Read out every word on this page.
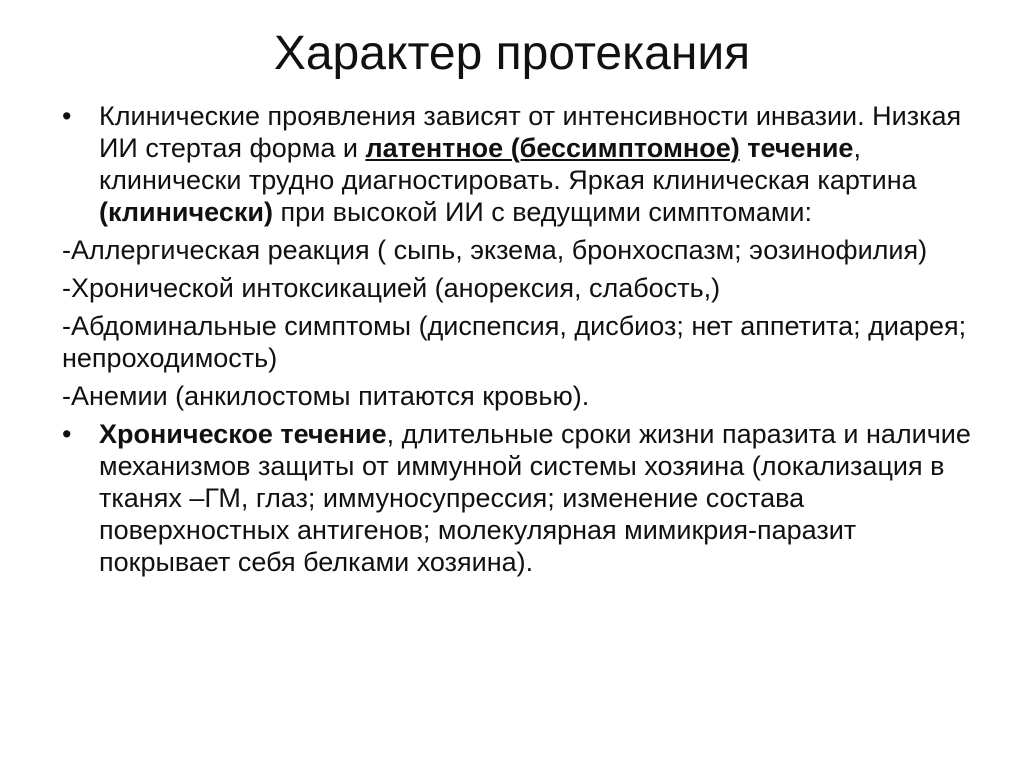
Характер протекания
•	Клинические проявления зависят от интенсивности инвазии. Низкая ИИ стертая форма и латентное (бессимптомное) течение, клинически трудно диагностировать. Яркая клиническая картина (клинически) при высокой ИИ с ведущими симптомами:
-Аллергическая реакция ( сыпь, экзема, бронхоспазм; эозинофилия)
-Хронической интоксикацией (анорексия, слабость,)
-Абдоминальные симптомы (диспепсия, дисбиоз; нет аппетита; диарея; непроходимость)
-Анемии (анкилостомы питаются кровью).
•	Хроническое течение, длительные сроки жизни паразита и наличие механизмов защиты от иммунной системы хозяина (локализация в тканях –ГМ, глаз; иммуносупрессия; изменение состава поверхностных антигенов; молекулярная мимикрия-паразит покрывает себя белками хозяина).
